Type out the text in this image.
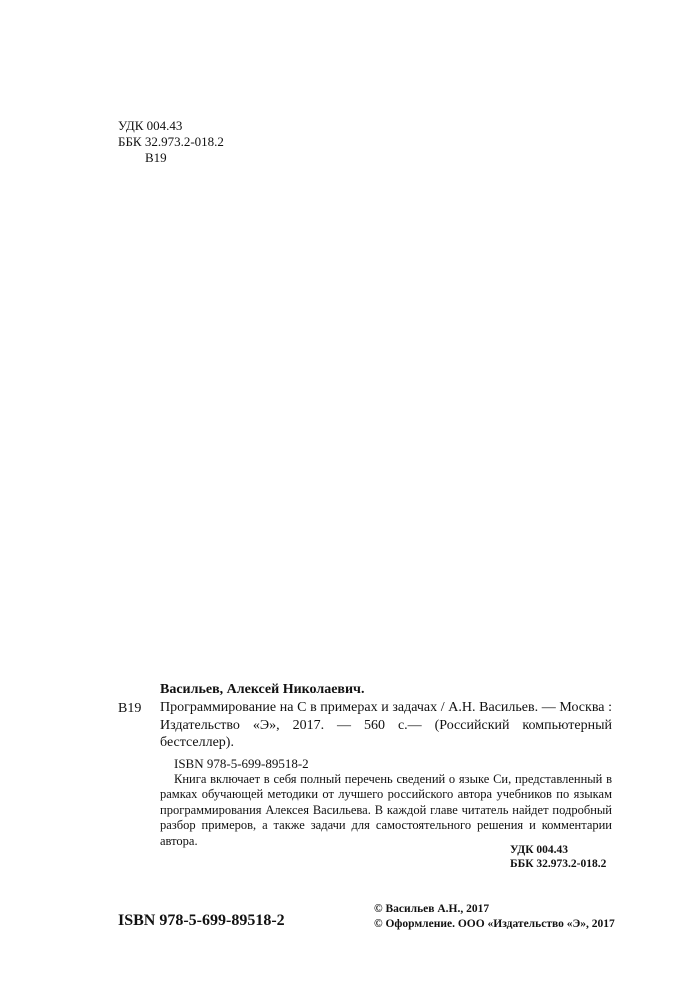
УДК 004.43
ББК 32.973.2-018.2
В19
Васильев, Алексей Николаевич.
В19 Программирование на С в примерах и задачах / А.Н. Васильев. — Москва : Издательство «Э», 2017. — 560 с.— (Российский компьютерный бестселлер).
ISBN 978-5-699-89518-2
Книга включает в себя полный перечень сведений о языке Си, представленный в рамках обучающей методики от лучшего российского автора учебников по языкам программирования Алексея Васильева. В каждой главе читатель найдет подробный разбор примеров, а также задачи для самостоятельного решения и комментарии автора.
УДК 004.43
ББК 32.973.2-018.2
ISBN 978-5-699-89518-2
© Васильев А.Н., 2017
© Оформление. ООО «Издательство «Э», 2017
